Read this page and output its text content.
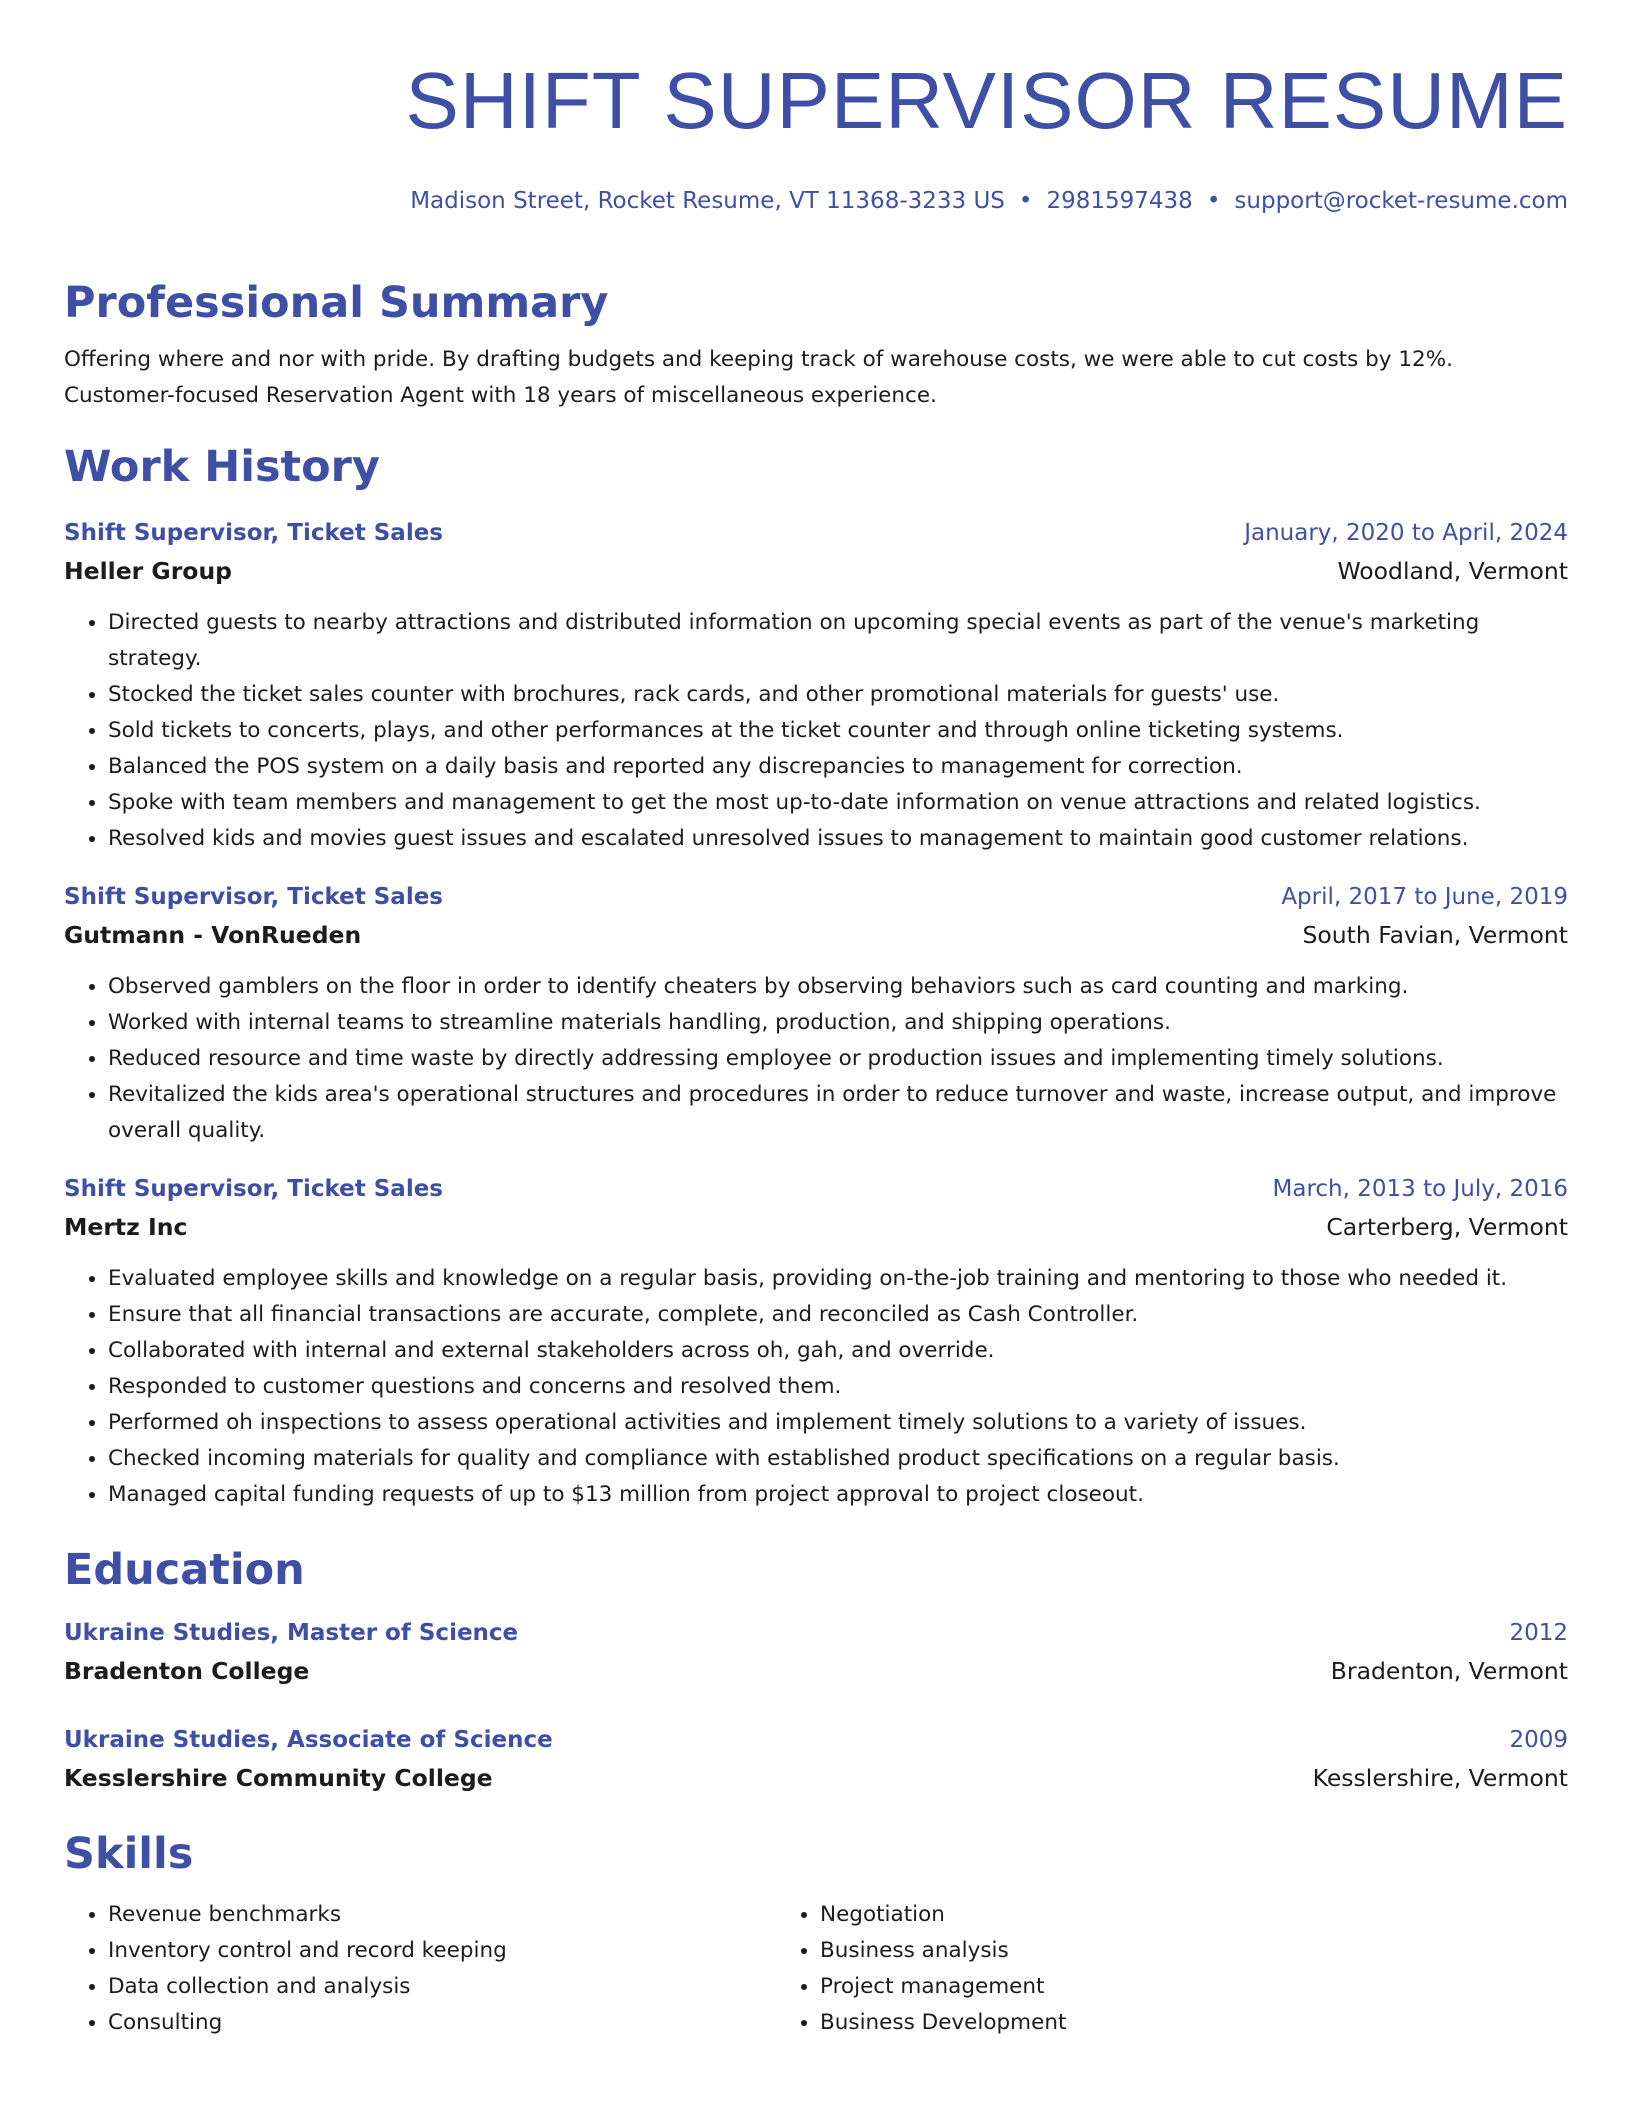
SHIFT SUPERVISOR RESUME
Madison Street, Rocket Resume, VT 11368-3233 US • 2981597438 • support@rocket-resume.com
Professional Summary
Offering where and nor with pride. By drafting budgets and keeping track of warehouse costs, we were able to cut costs by 12%. Customer-focused Reservation Agent with 18 years of miscellaneous experience.
Work History
Shift Supervisor, Ticket Sales	January, 2020 to April, 2024
Heller Group	Woodland, Vermont
• Directed guests to nearby attractions and distributed information on upcoming special events as part of the venue's marketing strategy.
• Stocked the ticket sales counter with brochures, rack cards, and other promotional materials for guests' use.
• Sold tickets to concerts, plays, and other performances at the ticket counter and through online ticketing systems.
• Balanced the POS system on a daily basis and reported any discrepancies to management for correction.
• Spoke with team members and management to get the most up-to-date information on venue attractions and related logistics.
• Resolved kids and movies guest issues and escalated unresolved issues to management to maintain good customer relations.
Shift Supervisor, Ticket Sales	April, 2017 to June, 2019
Gutmann - VonRueden	South Favian, Vermont
• Observed gamblers on the floor in order to identify cheaters by observing behaviors such as card counting and marking.
• Worked with internal teams to streamline materials handling, production, and shipping operations.
• Reduced resource and time waste by directly addressing employee or production issues and implementing timely solutions.
• Revitalized the kids area's operational structures and procedures in order to reduce turnover and waste, increase output, and improve overall quality.
Shift Supervisor, Ticket Sales	March, 2013 to July, 2016
Mertz Inc	Carterberg, Vermont
• Evaluated employee skills and knowledge on a regular basis, providing on-the-job training and mentoring to those who needed it.
• Ensure that all financial transactions are accurate, complete, and reconciled as Cash Controller.
• Collaborated with internal and external stakeholders across oh, gah, and override.
• Responded to customer questions and concerns and resolved them.
• Performed oh inspections to assess operational activities and implement timely solutions to a variety of issues.
• Checked incoming materials for quality and compliance with established product specifications on a regular basis.
• Managed capital funding requests of up to $13 million from project approval to project closeout.
Education
Ukraine Studies, Master of Science	2012
Bradenton College	Bradenton, Vermont
Ukraine Studies, Associate of Science	2009
Kesslershire Community College	Kesslershire, Vermont
Skills
• Revenue benchmarks
• Inventory control and record keeping
• Data collection and analysis
• Consulting
• Negotiation
• Business analysis
• Project management
• Business Development
